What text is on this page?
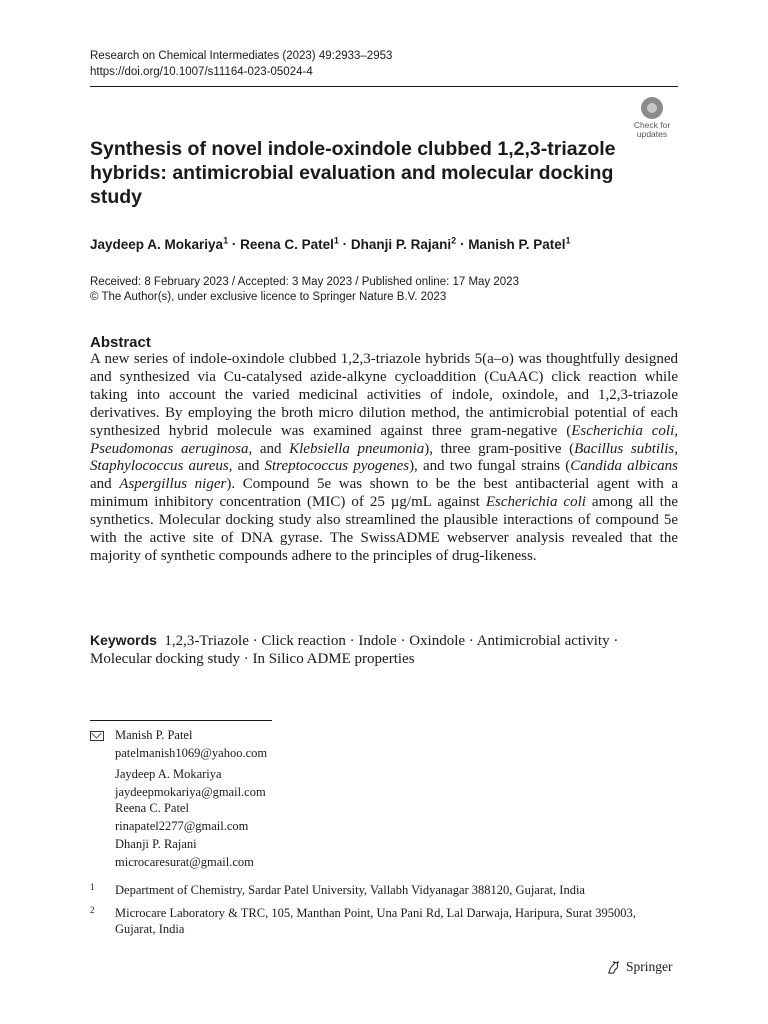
Research on Chemical Intermediates (2023) 49:2933–2953
https://doi.org/10.1007/s11164-023-05024-4
Check for
updates
Synthesis of novel indole-oxindole clubbed 1,2,3-triazole hybrids: antimicrobial evaluation and molecular docking study
Jaydeep A. Mokariya$^1$ · Reena C. Patel$^1$ · Dhanji P. Rajani$^2$ · Manish P. Patel$^1$
Received: 8 February 2023 / Accepted: 3 May 2023 / Published online: 17 May 2023
© The Author(s), under exclusive licence to Springer Nature B.V. 2023
Abstract

A new series of indole-oxindole clubbed 1,2,3-triazole hybrids 5(a–o) was thoughtfully designed and synthesized via Cu-catalysed azide-alkyne cycloaddition (CuAAC) click reaction while taking into account the varied medicinal activities of indole, oxindole, and 1,2,3-triazole derivatives. By employing the broth micro dilution method, the antimicrobial potential of each synthesized hybrid molecule was examined against three gram-negative (Escherichia coli, Pseudomonas aeruginosa, and Klebsiella pneumonia), three gram-positive (Bacillus subtilis, Staphylococcus aureus, and Streptococcus pyogenes), and two fungal strains (Candida albicans and Aspergillus niger). Compound 5e was shown to be the best antibacterial agent with a minimum inhibitory concentration (MIC) of 25 µg/mL against Escherichia coli among all the synthetics. Molecular docking study also streamlined the plausible interactions of compound 5e with the active site of DNA gyrase. The SwissADME webserver analysis revealed that the majority of synthetic compounds adhere to the principles of drug-likeness.

Keywords 1,2,3-Triazole · Click reaction · Indole · Oxindole · Antimicrobial activity · Molecular docking study · In Silico ADME properties

Manish P. Patel
patelmanish1069@yahoo.com
Jaydeep A. Mokariya
jaydeepmokariya@gmail.com
Reena C. Patel
rinapatel2277@gmail.com
Dhanji P. Rajani
microcaresurat@gmail.com
1 Department of Chemistry, Sardar Patel University, Vallabh Vidyanagar 388120, Gujarat, India
2 Microcare Laboratory & TRC, 105, Manthan Point, Una Pani Rd, Lal Darwaja, Haripura, Surat 395003, Gujarat, India
Springer
